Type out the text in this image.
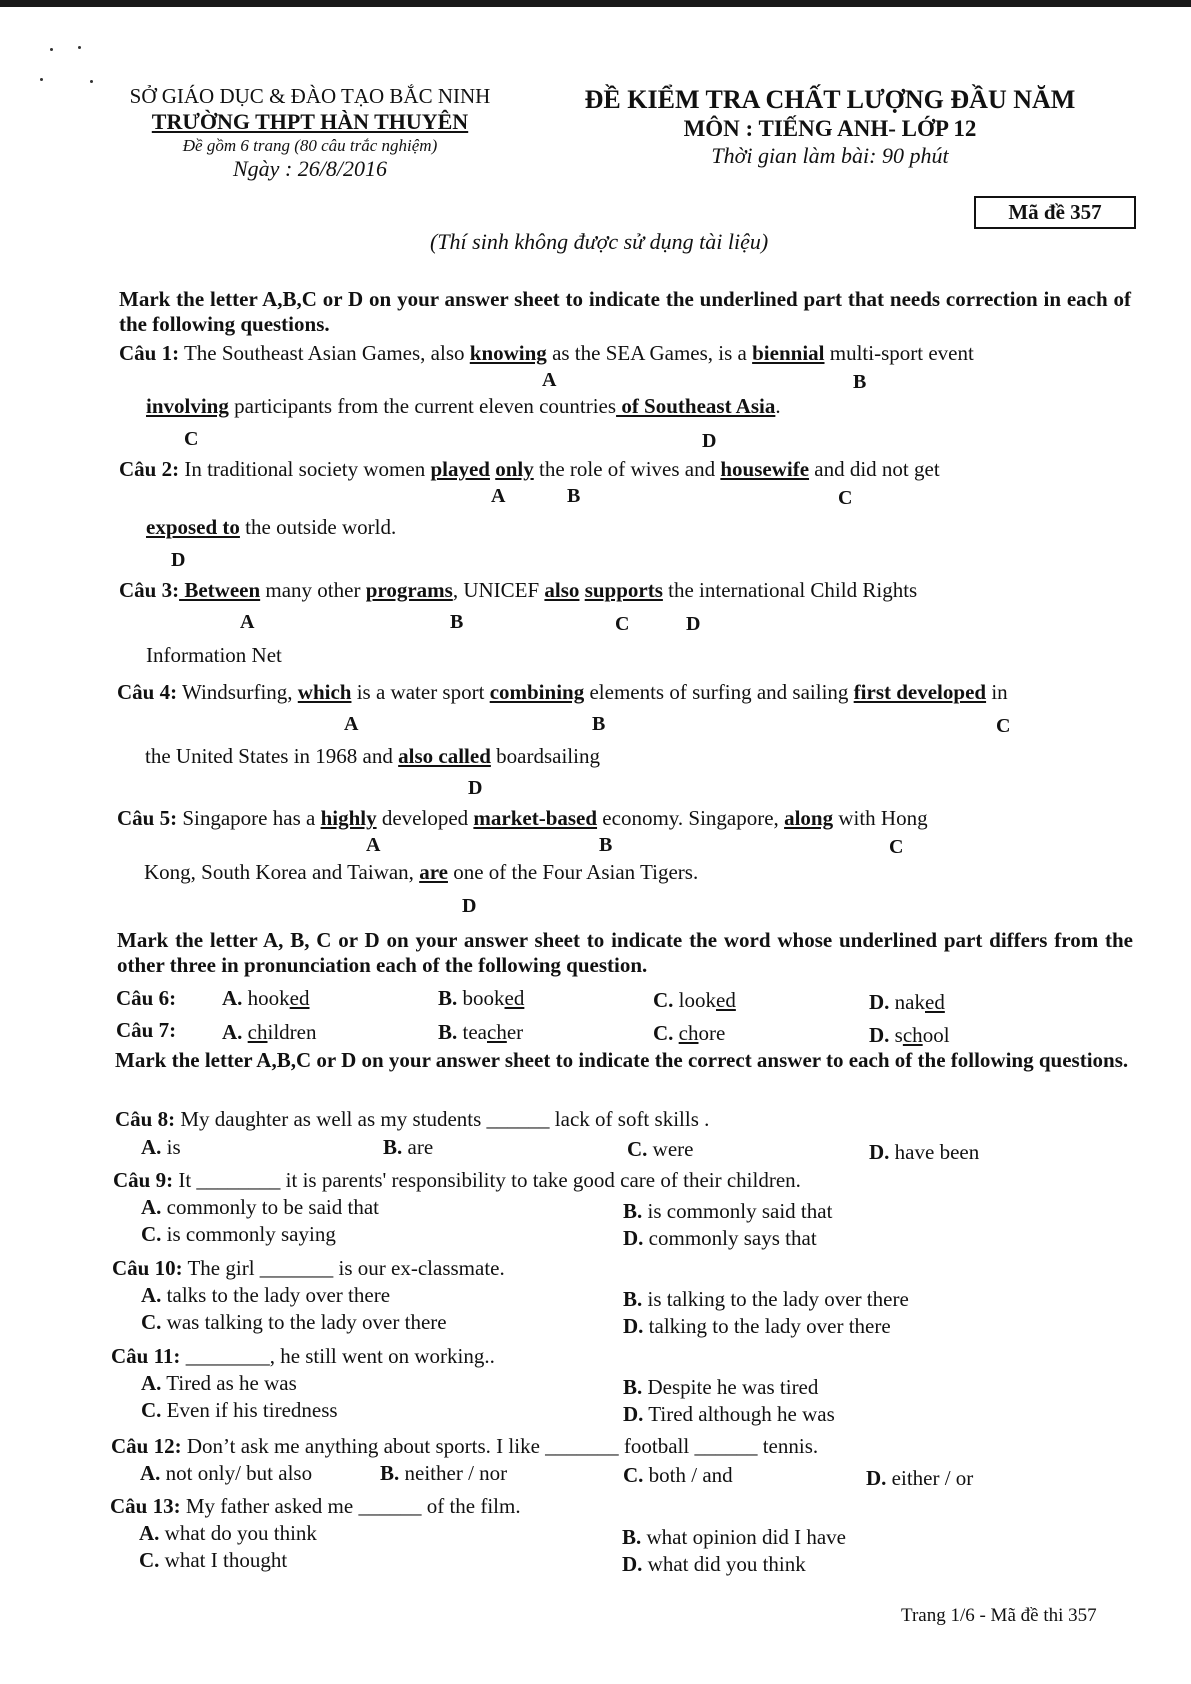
SỞ GIÁO DỤC & ĐÀO TẠO BẮC NINH
TRƯỜNG THPT HÀN THUYÊN
Đề gồm 6 trang (80 câu trắc nghiệm)
Ngày : 26/8/2016
ĐỀ KIỂM TRA CHẤT LƯỢNG ĐẦU NĂM
MÔN : TIẾNG ANH- LỚP 12
Thời gian làm bài: 90 phút
Mã đề 357
(Thí sinh không được sử dụng tài liệu)
Mark the letter A,B,C or D on your answer sheet to indicate the underlined part that needs correction in each of the following questions.
Câu 1: The Southeast Asian Games, also knowing as the SEA Games, is a biennial multi-sport event
A	B
involving participants from the current eleven countries of Southeast Asia.
C	D
Câu 2: In traditional society women played only the role of wives and housewife and did not get
A	B	C
exposed to the outside world.
D
Câu 3: Between many other programs, UNICEF also supports the international Child Rights
A	B	C	D
Information Net
Câu 4: Windsurfing, which is a water sport combining elements of surfing and sailing first developed in
A	B	C
the United States in 1968 and also called boardsailing
D
Câu 5: Singapore has a highly developed market-based economy. Singapore, along with Hong
A	B	C
Kong, South Korea and Taiwan, are one of the Four Asian Tigers.
D
Mark the letter A, B, C or D on your answer sheet to indicate the word whose underlined part differs from the other three in pronunciation each of the following question.
Câu 6: A. hooked	B. booked	C. looked	D. naked
Câu 7: A. children	B. teacher	C. chore	D. school
Mark the letter A,B,C or D on your answer sheet to indicate the correct answer to each of the following questions.
Câu 8: My daughter as well as my students ______ lack of soft skills .
A. is	B. are	C. were	D. have been
Câu 9: It ________ it is parents' responsibility to take good care of their children.
A. commonly to be said that	B. is commonly said that
C. is commonly saying	D. commonly says that
Câu 10: The girl _______ is our ex-classmate.
A. talks to the lady over there	B. is talking to the lady over there
C. was talking to the lady over there	D. talking to the lady over there
Câu 11: ________, he still went on working..
A. Tired as he was	B. Despite he was tired
C. Even if his tiredness	D. Tired although he was
Câu 12: Don’t ask me anything about sports. I like _______ football ______ tennis.
A. not only/ but also	B. neither / nor	C. both / and	D. either / or
Câu 13: My father asked me ______ of the film.
A. what do you think	B. what opinion did I have
C. what I thought	D. what did you think
Trang 1/6 - Mã đề thi 357
